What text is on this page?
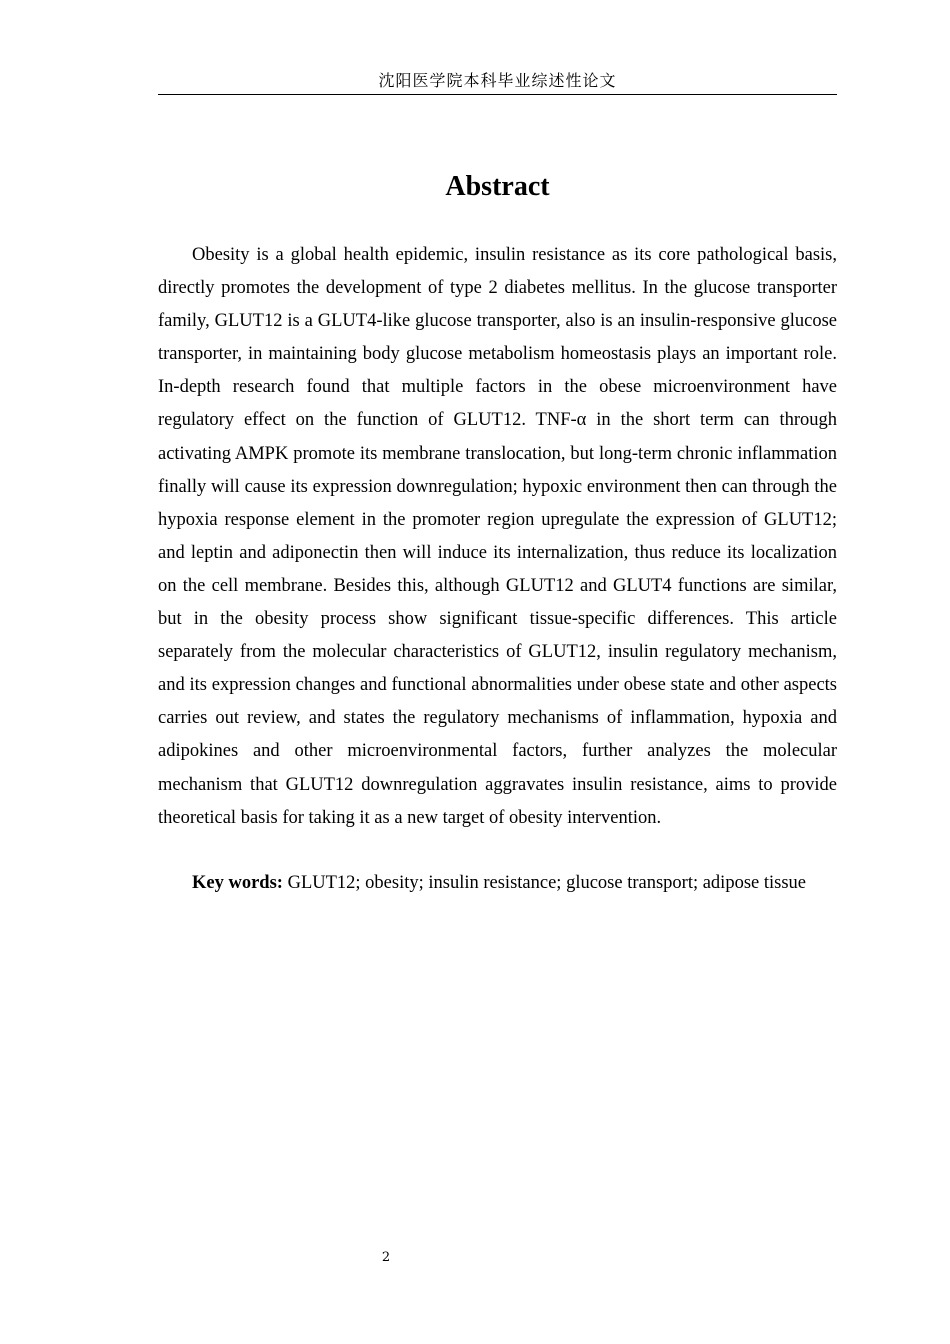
沈阳医学院本科毕业综述性论文
Abstract

Obesity is a global health epidemic, insulin resistance as its core pathological basis, directly promotes the development of type 2 diabetes mellitus. In the glucose transporter family, GLUT12 is a GLUT4-like glucose transporter, also is an insulin-responsive glucose transporter, in maintaining body glucose metabolism homeostasis plays an important role. In-depth research found that multiple factors in the obese microenvironment have regulatory effect on the function of GLUT12. TNF-α in the short term can through activating AMPK promote its membrane translocation, but long-term chronic inflammation finally will cause its expression downregulation; hypoxic environment then can through the hypoxia response element in the promoter region upregulate the expression of GLUT12; and leptin and adiponectin then will induce its internalization, thus reduce its localization on the cell membrane. Besides this, although GLUT12 and GLUT4 functions are similar, but in the obesity process show significant tissue-specific differences. This article separately from the molecular characteristics of GLUT12, insulin regulatory mechanism, and its expression changes and functional abnormalities under obese state and other aspects carries out review, and states the regulatory mechanisms of inflammation, hypoxia and adipokines and other microenvironmental factors, further analyzes the molecular mechanism that GLUT12 downregulation aggravates insulin resistance, aims to provide theoretical basis for taking it as a new target of obesity intervention.

Key words: GLUT12; obesity; insulin resistance; glucose transport; adipose tissue

2
